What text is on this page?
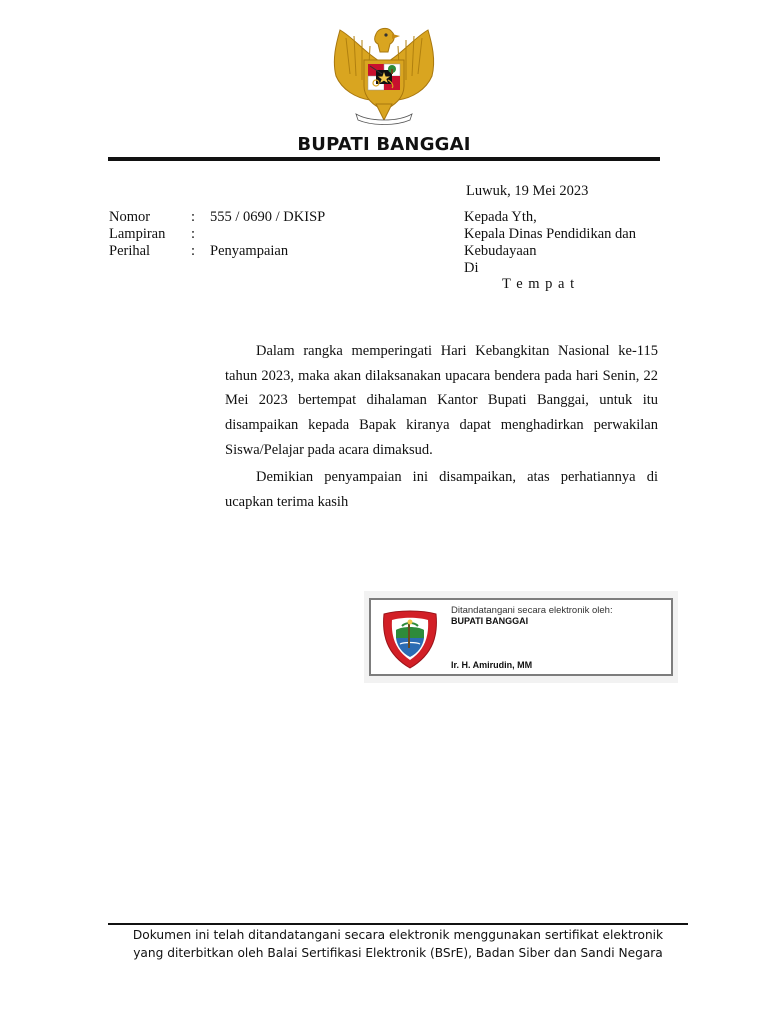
BUPATI BANGGAI
Luwuk, 19 Mei 2023
Nomor	: 555 / 0690 / DKISP
Lampiran :
Perihal	: Penyampaian
Kepada Yth,
Kepala Dinas Pendidikan dan
Kebudayaan
Di
T e m p a t

Dalam rangka memperingati Hari Kebangkitan Nasional ke-115 tahun 2023, maka akan dilaksanakan upacara bendera pada hari Senin, 22 Mei 2023 bertempat dihalaman Kantor Bupati Banggai, untuk itu disampaikan kepada Bapak kiranya dapat menghadirkan perwakilan Siswa/Pelajar pada acara dimaksud.

Demikian penyampaian ini disampaikan, atas perhatiannya di ucapkan terima kasih

Ditandatangani secara elektronik oleh:
BUPATI BANGGAI
Ir. H. Amirudin, MM
Dokumen ini telah ditandatangani secara elektronik menggunakan sertifikat elektronik
yang diterbitkan oleh Balai Sertifikasi Elektronik (BSrE), Badan Siber dan Sandi Negara
